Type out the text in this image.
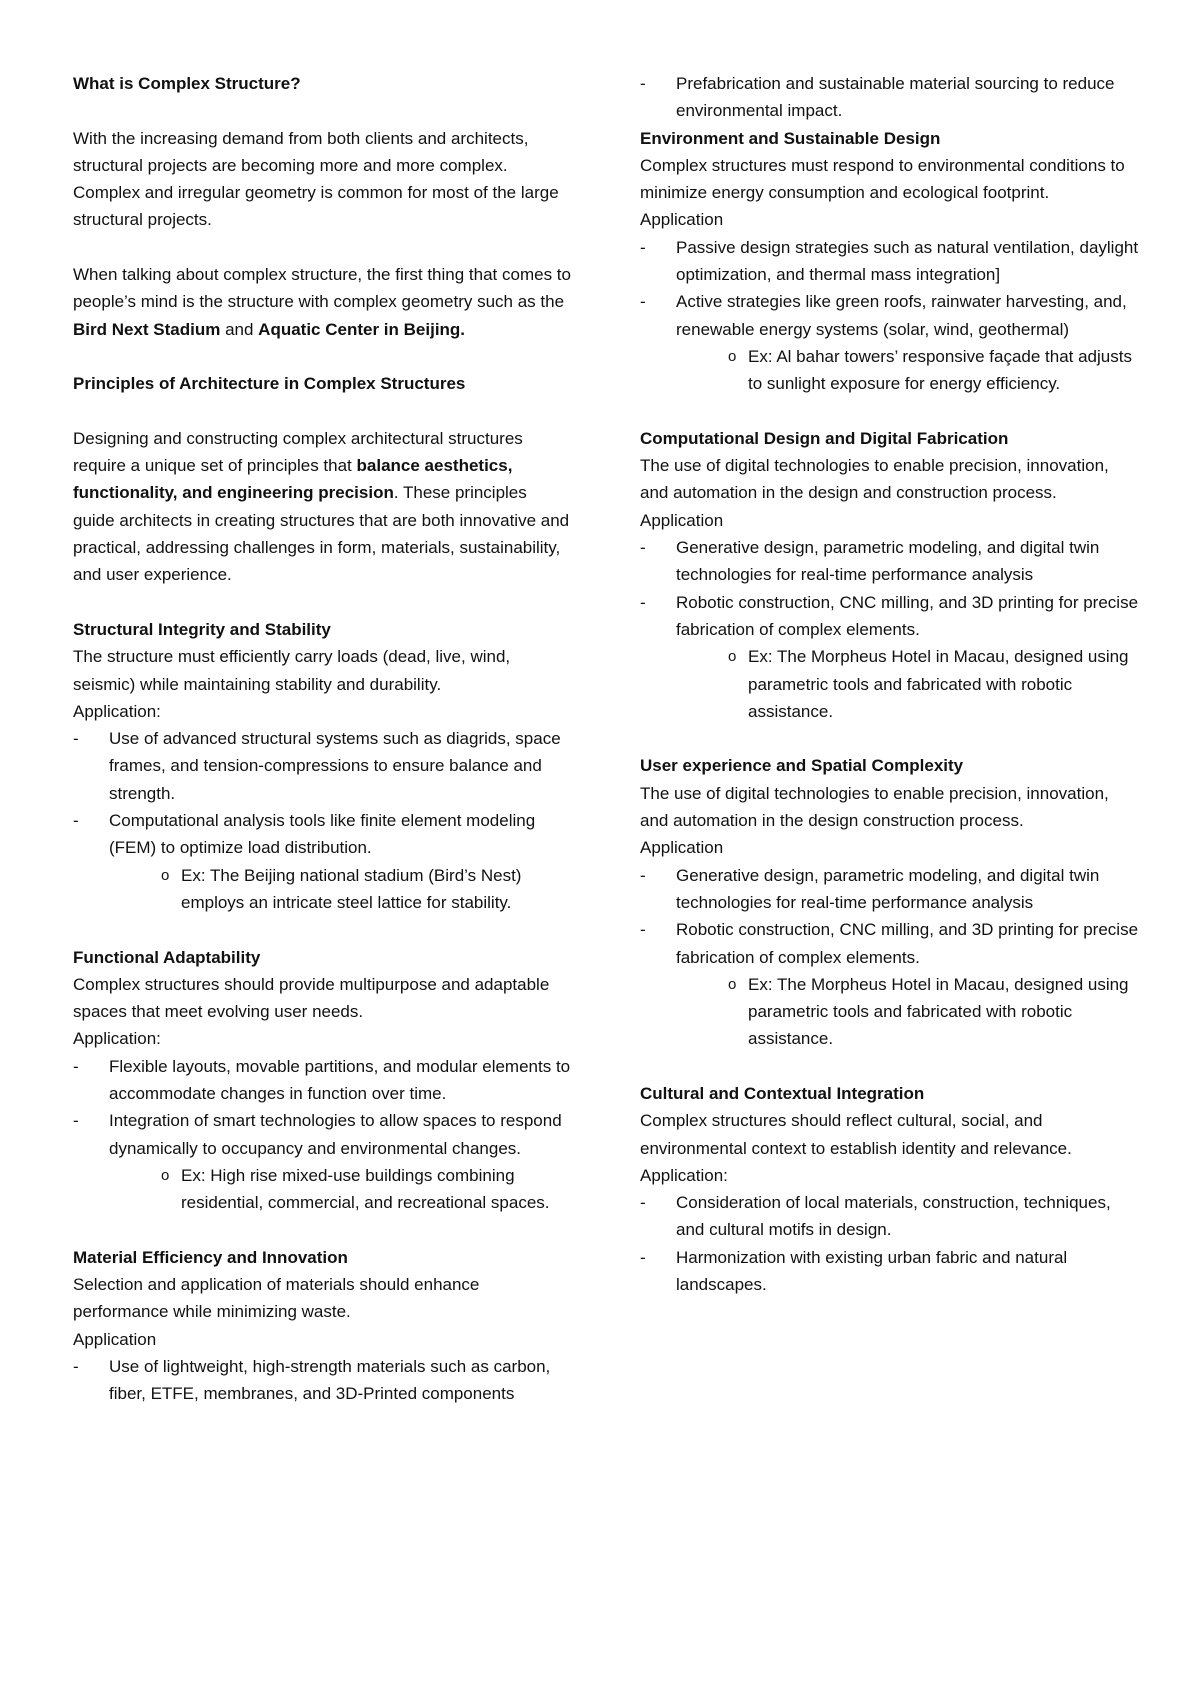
What is Complex Structure?

With the increasing demand from both clients and architects, structural projects are becoming more and more complex. Complex and irregular geometry is common for most of the large structural projects.

When talking about complex structure, the first thing that comes to people’s mind is the structure with complex geometry such as the Bird Next Stadium and Aquatic Center in Beijing.

Principles of Architecture in Complex Structures

Designing and constructing complex architectural structures require a unique set of principles that balance aesthetics, functionality, and engineering precision. These principles guide architects in creating structures that are both innovative and practical, addressing challenges in form, materials, sustainability, and user experience.

Structural Integrity and Stability

The structure must efficiently carry loads (dead, live, wind, seismic) while maintaining stability and durability.

Application:

-	Use of advanced structural systems such as diagrids, space frames, and tension-compressions to ensure balance and strength.
-	Computational analysis tools like finite element modeling (FEM) to optimize load distribution.
o Ex: The Beijing national stadium (Bird’s Nest) employs an intricate steel lattice for stability.

Functional Adaptability

Complex structures should provide multipurpose and adaptable spaces that meet evolving user needs.

Application:

-	Flexible layouts, movable partitions, and modular elements to accommodate changes in function over time.
-	Integration of smart technologies to allow spaces to respond dynamically to occupancy and environmental changes.
o Ex: High rise mixed-use buildings combining residential, commercial, and recreational spaces.

Material Efficiency and Innovation

Selection and application of materials should enhance performance while minimizing waste.

Application

-	Use of lightweight, high-strength materials such as carbon, fiber, ETFE, membranes, and 3D-Printed components
-	Prefabrication and sustainable material sourcing to reduce environmental impact.

Environment and Sustainable Design

Complex structures must respond to environmental conditions to minimize energy consumption and ecological footprint.

Application

-	Passive design strategies such as natural ventilation, daylight optimization, and thermal mass integration]
-	Active strategies like green roofs, rainwater harvesting, and, renewable energy systems (solar, wind, geothermal)
o Ex: Al bahar towers’ responsive façade that adjusts to sunlight exposure for energy efficiency.

Computational Design and Digital Fabrication

The use of digital technologies to enable precision, innovation, and automation in the design and construction process.

Application

-	Generative design, parametric modeling, and digital twin technologies for real-time performance analysis
-	Robotic construction, CNC milling, and 3D printing for precise fabrication of complex elements.
o Ex: The Morpheus Hotel in Macau, designed using parametric tools and fabricated with robotic assistance.

User experience and Spatial Complexity

The use of digital technologies to enable precision, innovation, and automation in the design construction process.

Application

-	Generative design, parametric modeling, and digital twin technologies for real-time performance analysis
-	Robotic construction, CNC milling, and 3D printing for precise fabrication of complex elements.
o Ex: The Morpheus Hotel in Macau, designed using parametric tools and fabricated with robotic assistance.

Cultural and Contextual Integration

Complex structures should reflect cultural, social, and environmental context to establish identity and relevance.

Application:

-	Consideration of local materials, construction, techniques, and cultural motifs in design.
-	Harmonization with existing urban fabric and natural landscapes.
